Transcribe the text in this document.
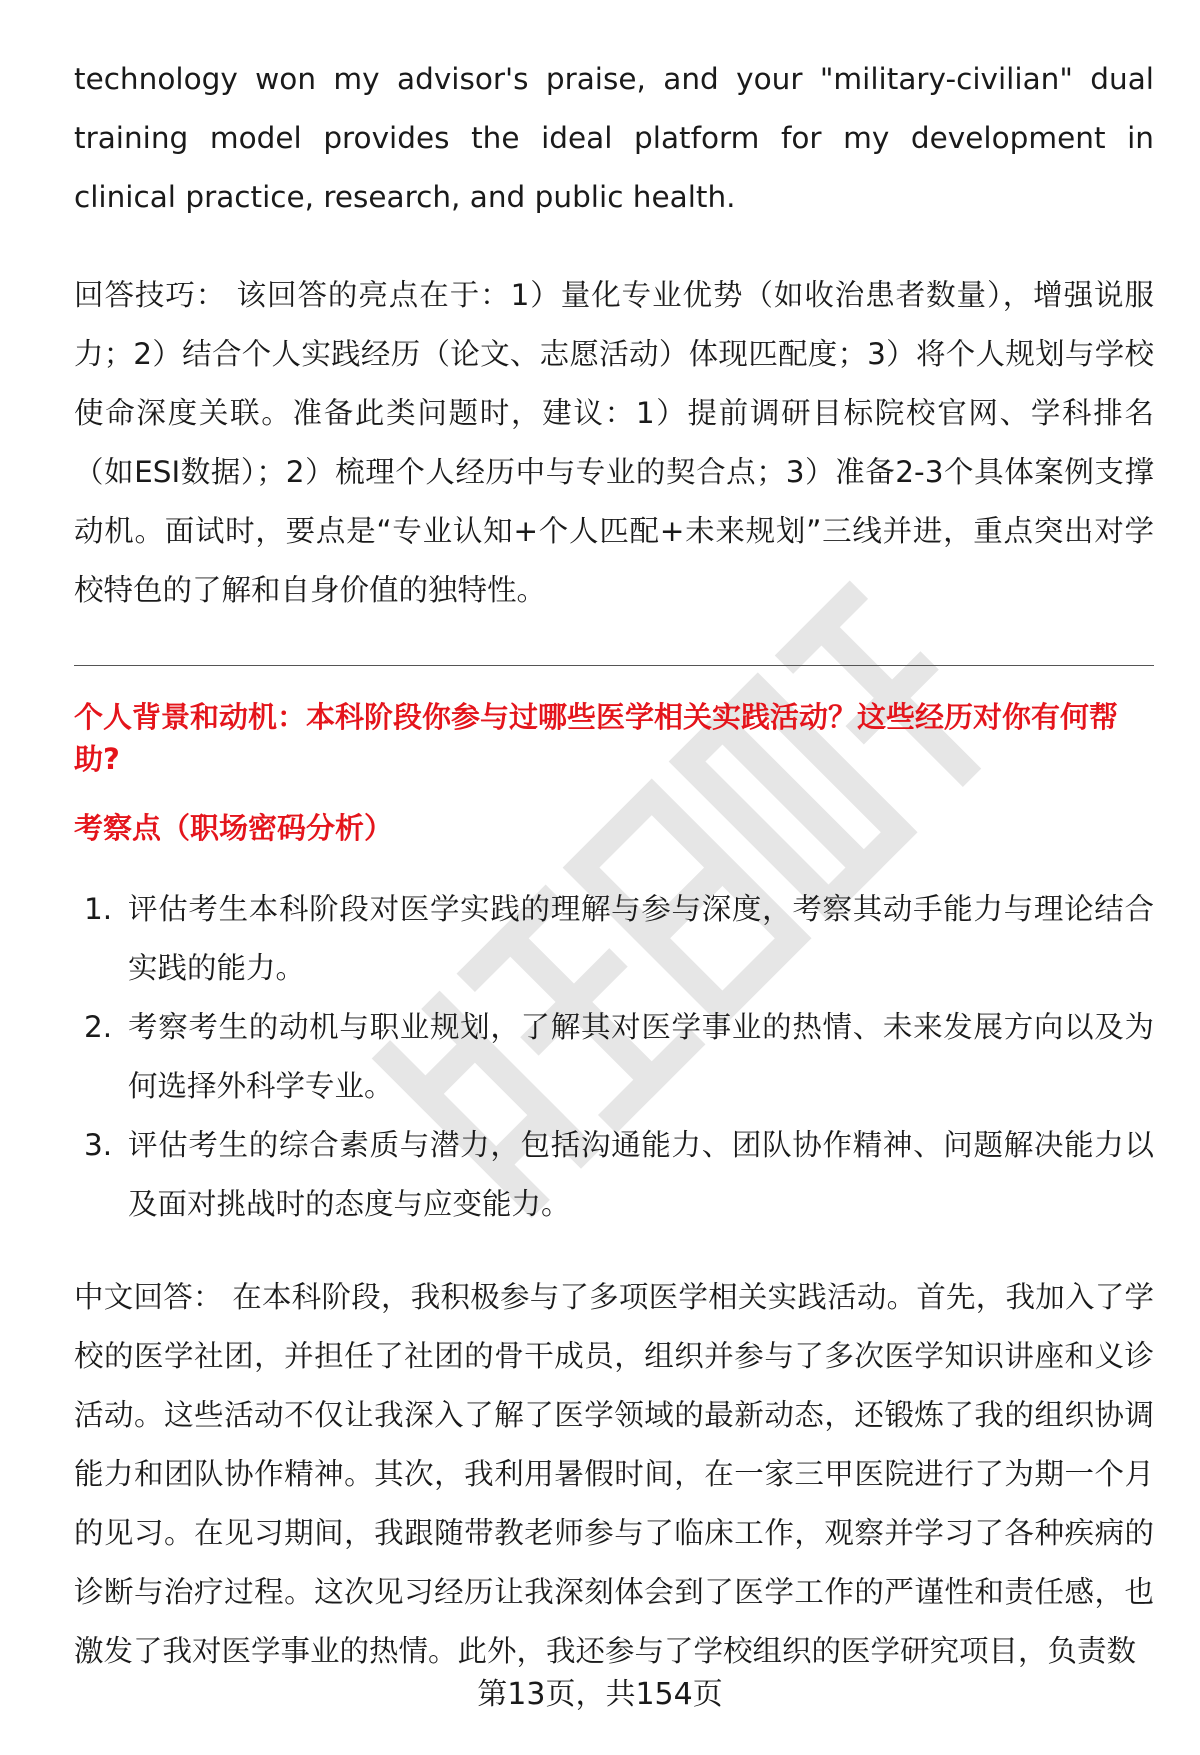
technology won my advisor's praise, and your "military-civilian" dual training model provides the ideal platform for my development in clinical practice, research, and public health.

回答技巧： 该回答的亮点在于：1）量化专业优势（如收治患者数量），增强说服力；2）结合个人实践经历（论文、志愿活动）体现匹配度；3）将个人规划与学校使命深度关联。准备此类问题时，建议：1）提前调研目标院校官网、学科排名（如ESI数据）；2）梳理个人经历中与专业的契合点；3）准备2-3个具体案例支撑动机。面试时，要点是“专业认知+个人匹配+未来规划”三线并进，重点突出对学校特色的了解和自身价值的独特性。

个人背景和动机：本科阶段你参与过哪些医学相关实践活动？这些经历对你有何帮助?

考察点（职场密码分析）

1. 评估考生本科阶段对医学实践的理解与参与深度，考察其动手能力与理论结合实践的能力。

2. 考察考生的动机与职业规划，了解其对医学事业的热情、未来发展方向以及为何选择外科学专业。

3. 评估考生的综合素质与潜力，包括沟通能力、团队协作精神、问题解决能力以及面对挑战时的态度与应变能力。

中文回答： 在本科阶段，我积极参与了多项医学相关实践活动。首先，我加入了学校的医学社团，并担任了社团的骨干成员，组织并参与了多次医学知识讲座和义诊活动。这些活动不仅让我深入了解了医学领域的最新动态，还锻炼了我的组织协调能力和团队协作精神。其次，我利用暑假时间，在一家三甲医院进行了为期一个月的见习。在见习期间，我跟随带教老师参与了临床工作，观察并学习了各种疾病的诊断与治疗过程。这次见习经历让我深刻体会到了医学工作的严谨性和责任感，也激发了我对医学事业的热情。此外，我还参与了学校组织的医学研究项目，负责数

第13页，共154页
